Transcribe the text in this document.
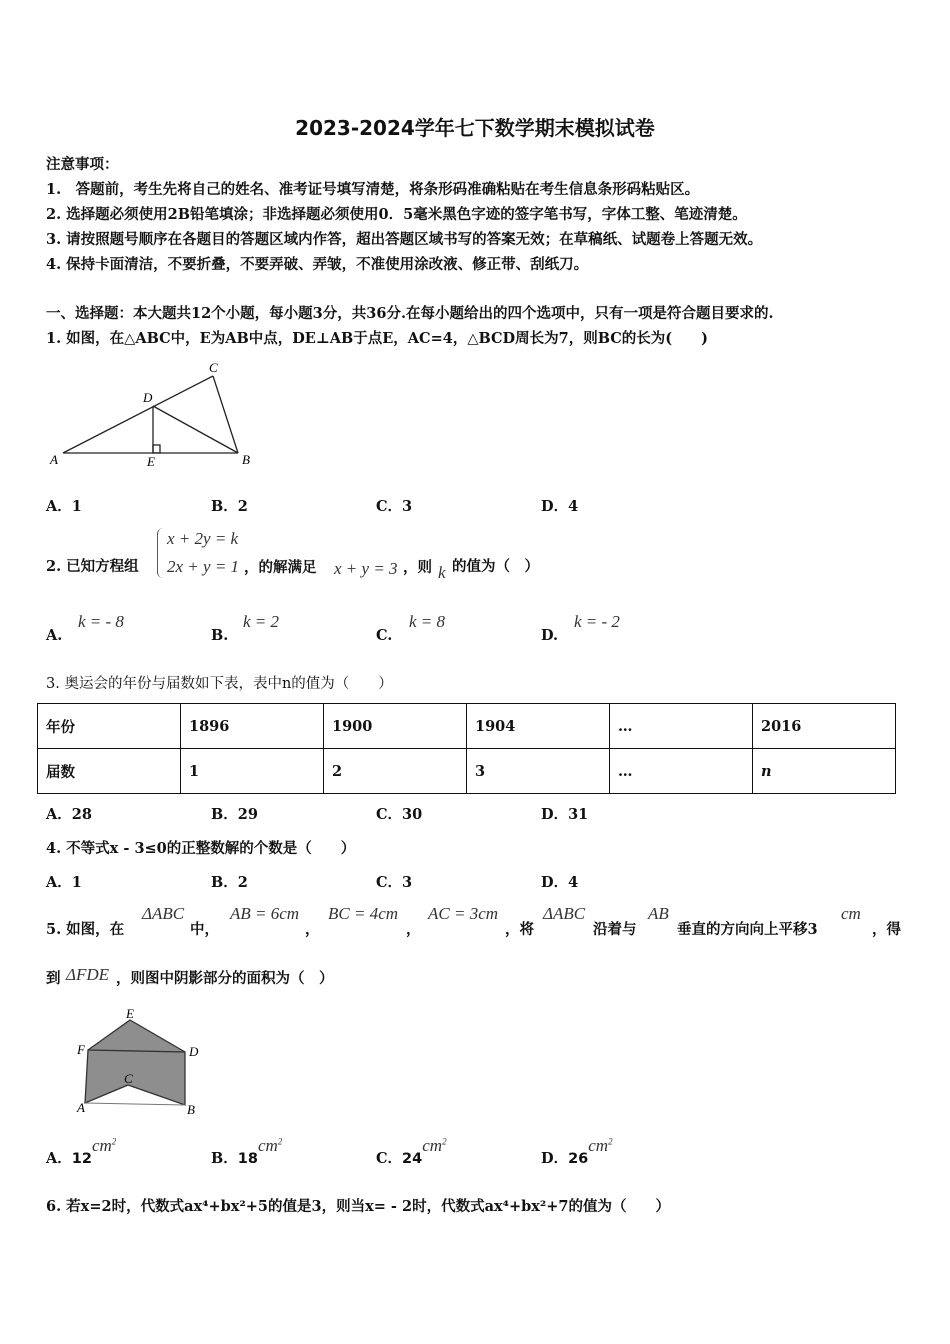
2023-2024学年七下数学期末模拟试卷
注意事项：
1.　答题前，考生先将自己的姓名、准考证号填写清楚，将条形码准确粘贴在考生信息条形码粘贴区。
2. 选择题必须使用2B铅笔填涂；非选择题必须使用0．5毫米黑色字迹的签字笔书写，字体工整、笔迹清楚。
3. 请按照题号顺序在各题目的答题区域内作答，超出答题区域书写的答案无效；在草稿纸、试题卷上答题无效。
4. 保持卡面清洁，不要折叠，不要弄破、弄皱，不准使用涂改液、修正带、刮纸刀。
一、选择题：本大题共12个小题，每小题3分，共36分.在每小题给出的四个选项中，只有一项是符合题目要求的.
1. 如图，在△ABC中，E为AB中点，DE⊥AB于点E，AC=4，△BCD周长为7，则BC的长为(　　)
C
D
A	E	B
E
F	D
C
A	B
A．1	B．2	C．3	D．4
2. 已知方程组
x + 2y = k
2x + y = 1 ，的解满足 x + y = 3 ，则 k 的值为（　）
A.
k = - 8
B.
k = 2
C.
k = 8
D.
k = - 2
3. 奥运会的年份与届数如下表，表中n的值为（　　）
年份	1896	1900	1904	…	2016
届数	1	2	3	…	n
A．28	B．29	C．30	D．31
4. 不等式x - 3≤0的正整数解的个数是（　　）
A．1	B．2	C．3	D．4
5. 如图，在
ΔABC
中，
AB = 6cm
，
BC = 4cm
，
AC = 3cm
，将
ΔABC
沿着与
AB
垂直的方向向上平移3
cm
，得
到 ΔFDE ，则图中阴影部分的面积为（　）
A．$12cm^2$
B．$18cm^2$
C．$24cm^2$
D．$26cm^2$
6. 若x=2时，代数式ax⁴+bx²+5的值是3，则当x= - 2时，代数式ax⁴+bx²+7的值为（　　）
